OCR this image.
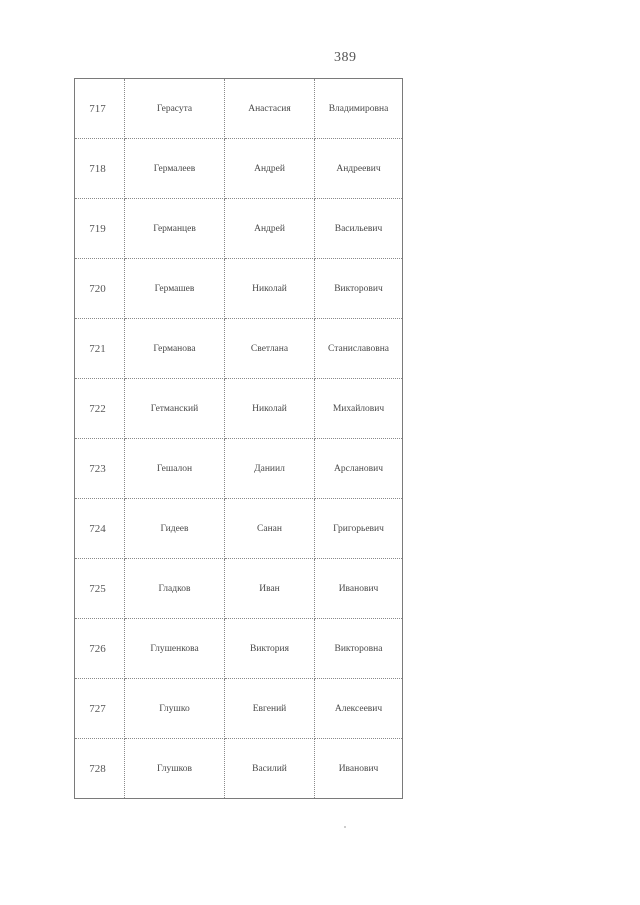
389
717	Герасута	Анастасия	Владимировна
718	Гермалеев	Андрей	Андреевич
719	Германцев	Андрей	Васильевич
720	Гермашев	Николай	Викторович
721	Германова	Светлана	Станиславовна
722	Гетманский	Николай	Михайлович
723	Гешалон	Даниил	Арсланович
724	Гидеев	Санан	Григорьевич
725	Гладков	Иван	Иванович
726	Глушенкова	Виктория	Викторовна
727	Глушко	Евгений	Алексеевич
728	Глушков	Василий	Иванович
